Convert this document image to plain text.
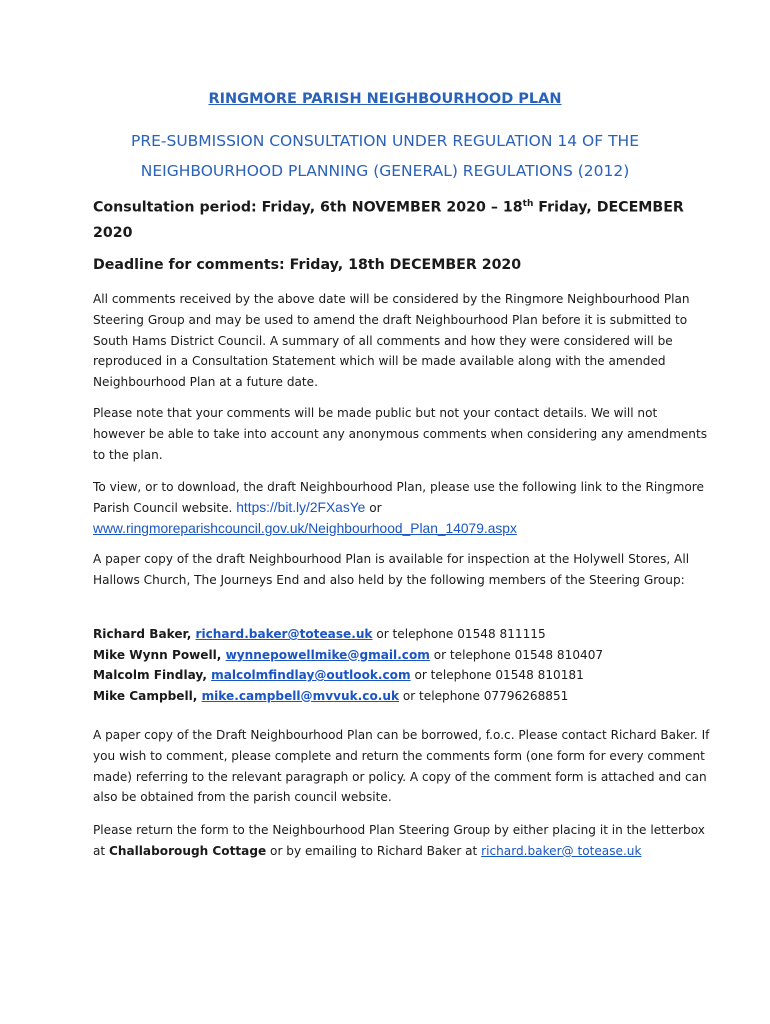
RINGMORE PARISH NEIGHBOURHOOD PLAN
PRE-SUBMISSION CONSULTATION UNDER REGULATION 14 OF THE
NEIGHBOURHOOD PLANNING (GENERAL) REGULATIONS (2012)
Consultation period: Friday, 6th NOVEMBER 2020 – 18th Friday, DECEMBER 2020
Deadline for comments: Friday, 18th DECEMBER 2020
All comments received by the above date will be considered by the Ringmore Neighbourhood Plan Steering Group and may be used to amend the draft Neighbourhood Plan before it is submitted to South Hams District Council. A summary of all comments and how they were considered will be reproduced in a Consultation Statement which will be made available along with the amended Neighbourhood Plan at a future date.
Please note that your comments will be made public but not your contact details. We will not however be able to take into account any anonymous comments when considering any amendments to the plan.
To view, or to download, the draft Neighbourhood Plan, please use the following link to the Ringmore Parish Council website. https://bit.ly/2FXasYe or
www.ringmoreparishcouncil.gov.uk/Neighbourhood_Plan_14079.aspx
A paper copy of the draft Neighbourhood Plan is available for inspection at the Holywell Stores, All Hallows Church, The Journeys End and also held by the following members of the Steering Group:
Richard Baker, richard.baker@totease.uk or telephone 01548 811115
Mike Wynn Powell, wynnepowellmike@gmail.com or telephone 01548 810407
Malcolm Findlay, malcolmfindlay@outlook.com or telephone 01548 810181
Mike Campbell, mike.campbell@mvvuk.co.uk or telephone 07796268851
A paper copy of the Draft Neighbourhood Plan can be borrowed, f.o.c. Please contact Richard Baker. If you wish to comment, please complete and return the comments form (one form for every comment made) referring to the relevant paragraph or policy. A copy of the comment form is attached and can also be obtained from the parish council website.
Please return the form to the Neighbourhood Plan Steering Group by either placing it in the letterbox at Challaborough Cottage or by emailing to Richard Baker at richard.baker@ totease.uk
